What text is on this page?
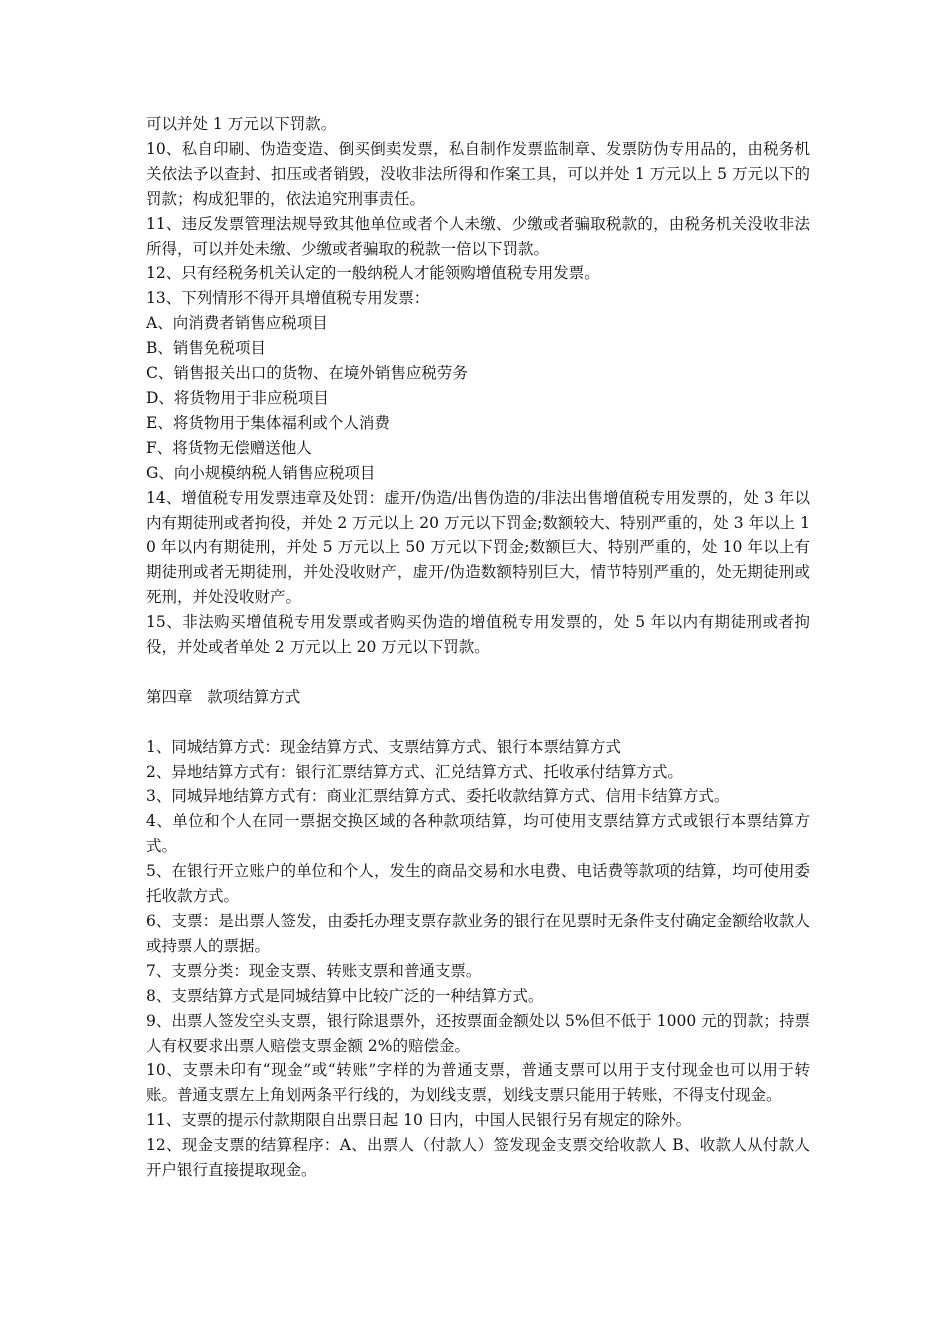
可以并处 1 万元以下罚款。

10、私自印刷、伪造变造、倒买倒卖发票，私自制作发票监制章、发票防伪专用品的，由税务机关依法予以查封、扣压或者销毁，没收非法所得和作案工具，可以并处 1 万元以上 5 万元以下的罚款；构成犯罪的，依法追究刑事责任。

11、违反发票管理法规导致其他单位或者个人未缴、少缴或者骗取税款的，由税务机关没收非法所得，可以并处未缴、少缴或者骗取的税款一倍以下罚款。

12、只有经税务机关认定的一般纳税人才能领购增值税专用发票。

13、下列情形不得开具增值税专用发票：

A、向消费者销售应税项目

B、销售免税项目

C、销售报关出口的货物、在境外销售应税劳务

D、将货物用于非应税项目

E、将货物用于集体福利或个人消费

F、将货物无偿赠送他人

G、向小规模纳税人销售应税项目

14、增值税专用发票违章及处罚：虚开/伪造/出售伪造的/非法出售增值税专用发票的，处 3 年以内有期徒刑或者拘役，并处 2 万元以上 20 万元以下罚金;数额较大、特别严重的，处 3 年以上 10 年以内有期徒刑，并处 5 万元以上 50 万元以下罚金;数额巨大、特别严重的，处 10 年以上有期徒刑或者无期徒刑，并处没收财产，虚开/伪造数额特别巨大，情节特别严重的，处无期徒刑或死刑，并处没收财产。

15、非法购买增值税专用发票或者购买伪造的增值税专用发票的，处 5 年以内有期徒刑或者拘役，并处或者单处 2 万元以上 20 万元以下罚款。

第四章   款项结算方式

1、同城结算方式：现金结算方式、支票结算方式、银行本票结算方式

2、异地结算方式有：银行汇票结算方式、汇兑结算方式、托收承付结算方式。

3、同城异地结算方式有：商业汇票结算方式、委托收款结算方式、信用卡结算方式。

4、单位和个人在同一票据交换区域的各种款项结算，均可使用支票结算方式或银行本票结算方式。

5、在银行开立账户的单位和个人，发生的商品交易和水电费、电话费等款项的结算，均可使用委托收款方式。

6、支票：是出票人签发，由委托办理支票存款业务的银行在见票时无条件支付确定金额给收款人或持票人的票据。

7、支票分类：现金支票、转账支票和普通支票。

8、支票结算方式是同城结算中比较广泛的一种结算方式。

9、出票人签发空头支票，银行除退票外，还按票面金额处以 5%但不低于 1000 元的罚款；持票人有权要求出票人赔偿支票金额 2%的赔偿金。

10、支票未印有“现金”或“转账”字样的为普通支票，普通支票可以用于支付现金也可以用于转账。普通支票左上角划两条平行线的，为划线支票，划线支票只能用于转账，不得支付现金。

11、支票的提示付款期限自出票日起 10 日内，中国人民银行另有规定的除外。

12、现金支票的结算程序：A、出票人（付款人）签发现金支票交给收款人 B、收款人从付款人开户银行直接提取现金。
